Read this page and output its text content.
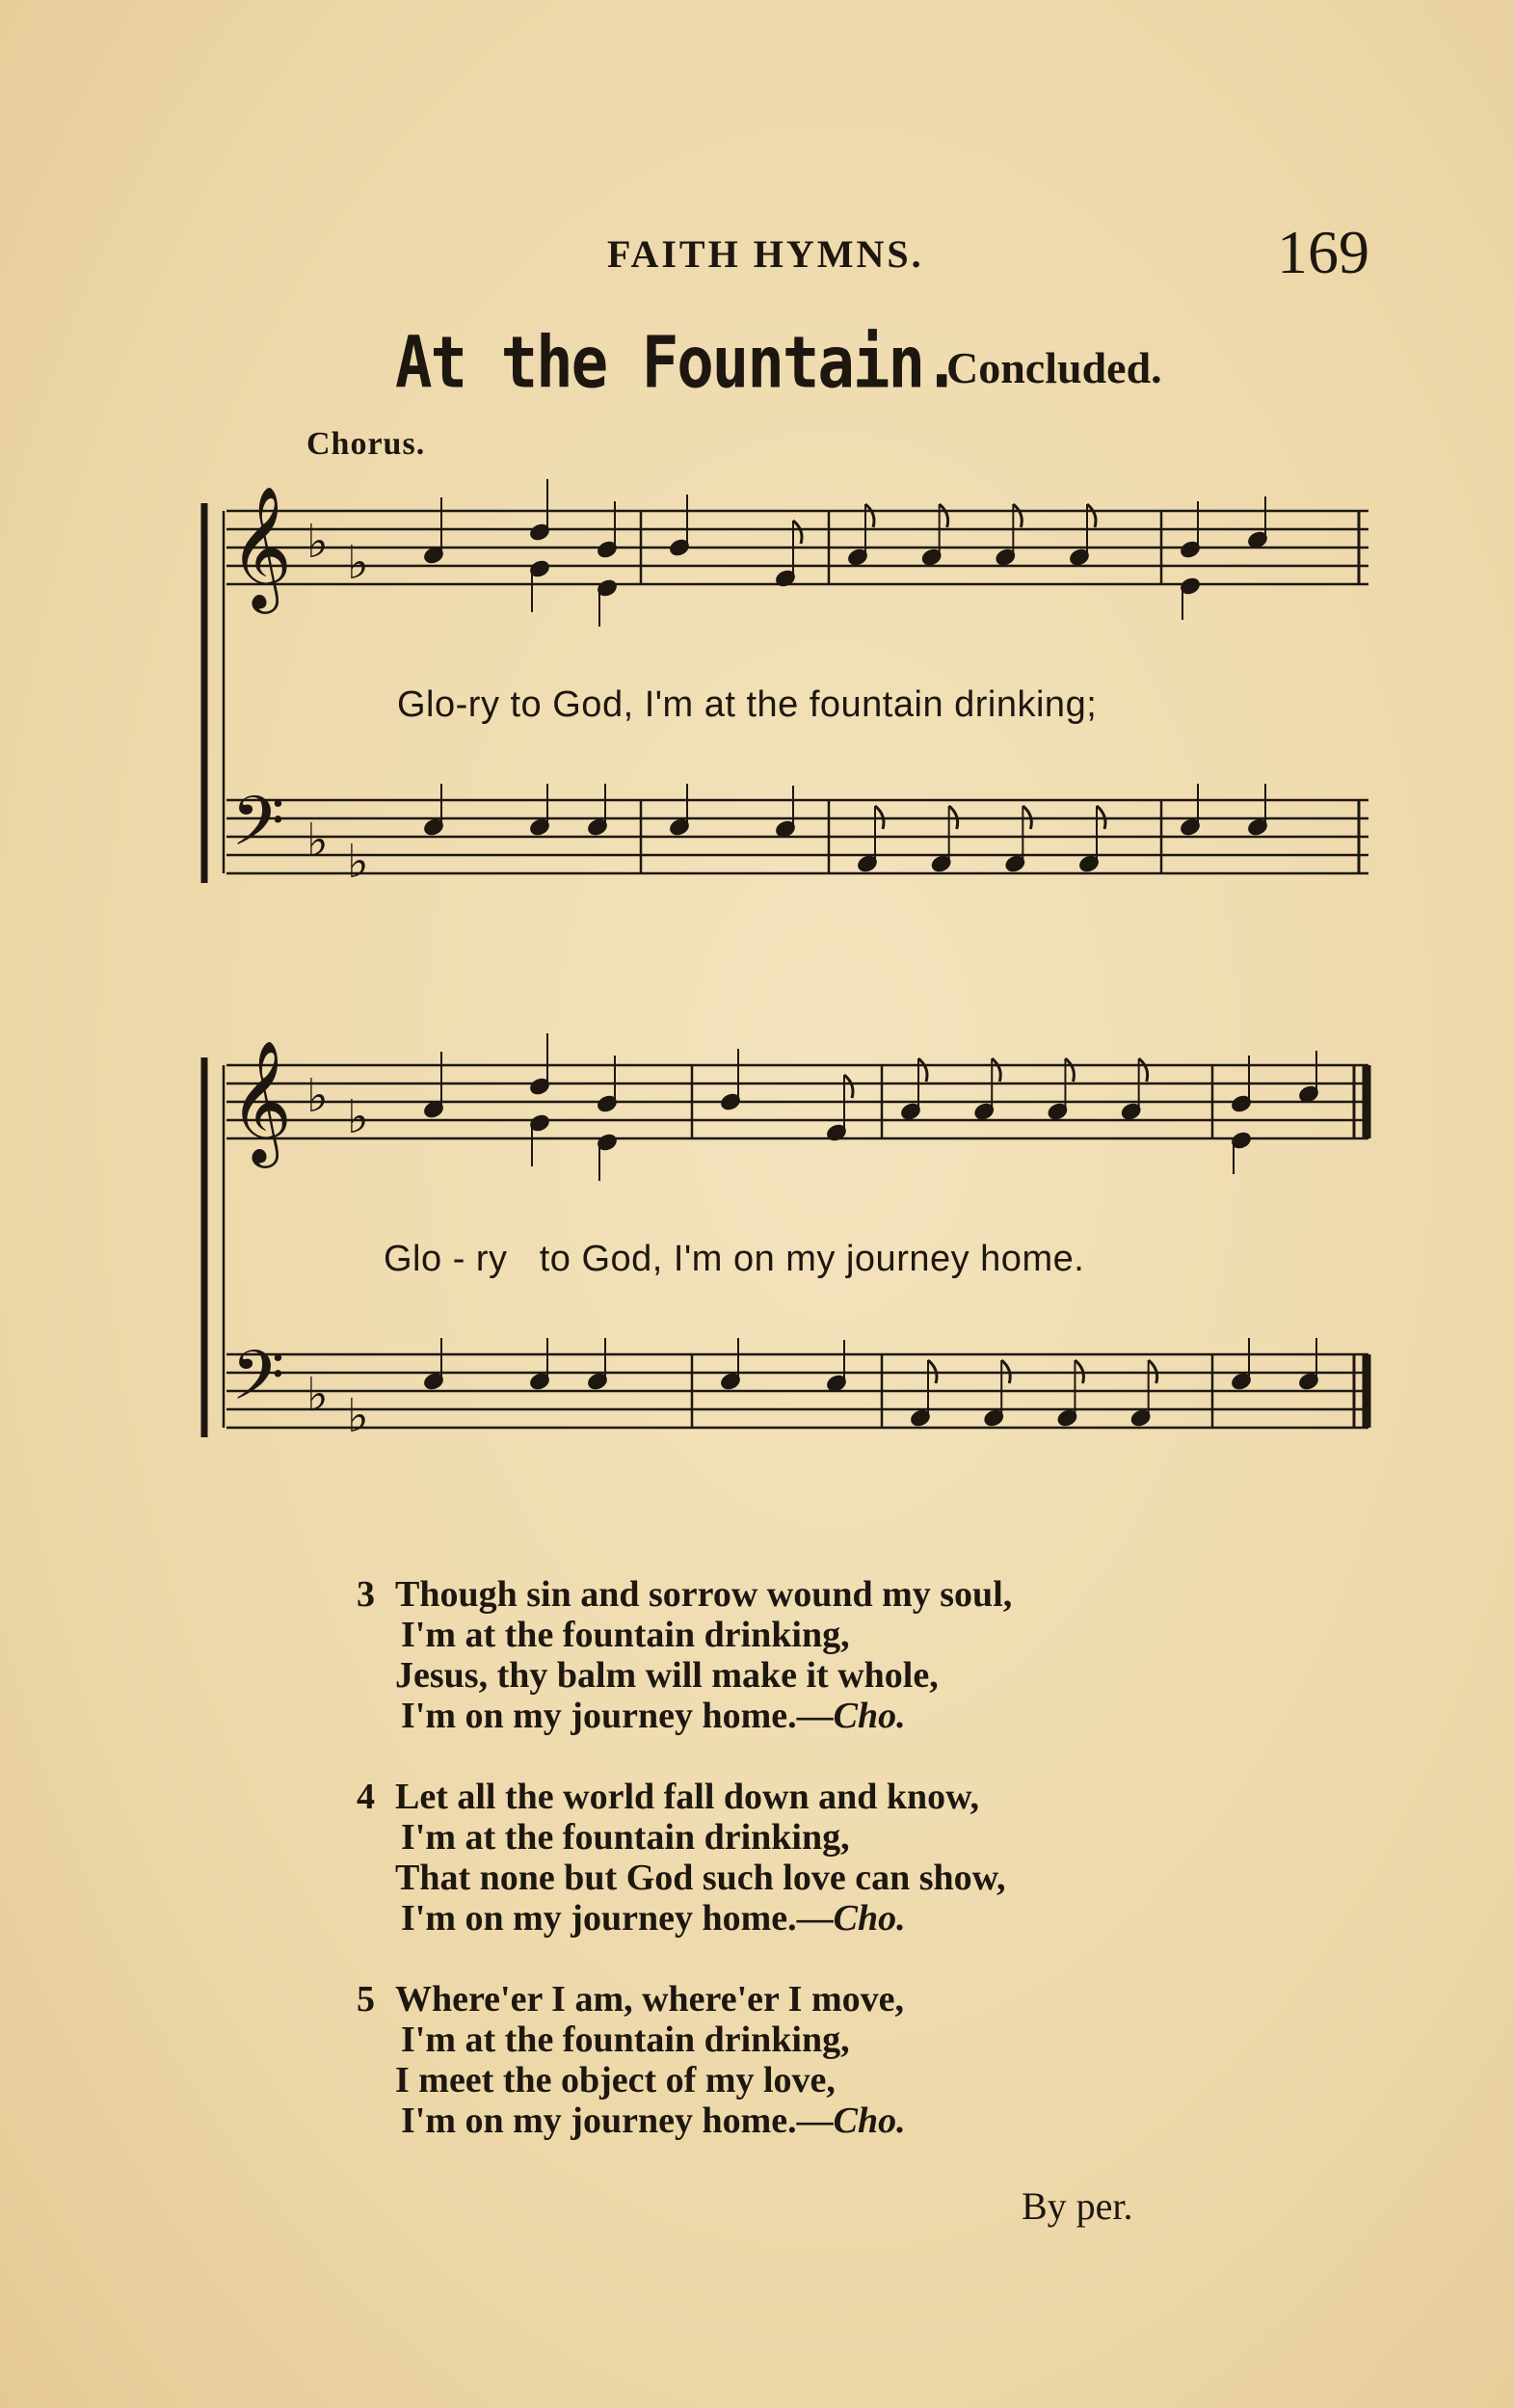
FAITH HYMNS.	169
At the Fountain.
Concluded.
Chorus.
𝄞
𝄢
♭ ♭
♭ ♭
𝄞
𝄢
♭ ♭
♭ ♭
Glo-ry to God, I'm at the fountain drinking;
Glo - ry   to God, I'm on my journey home.
3 Though sin and sorrow wound my soul,
I'm at the fountain drinking,
Jesus, thy balm will make it whole,
I'm on my journey home.—Cho.
4 Let all the world fall down and know,
I'm at the fountain drinking,
That none but God such love can show,
I'm on my journey home.—Cho.
5 Where'er I am, where'er I move,
I'm at the fountain drinking,
I meet the object of my love,
I'm on my journey home.—Cho.
By per.
